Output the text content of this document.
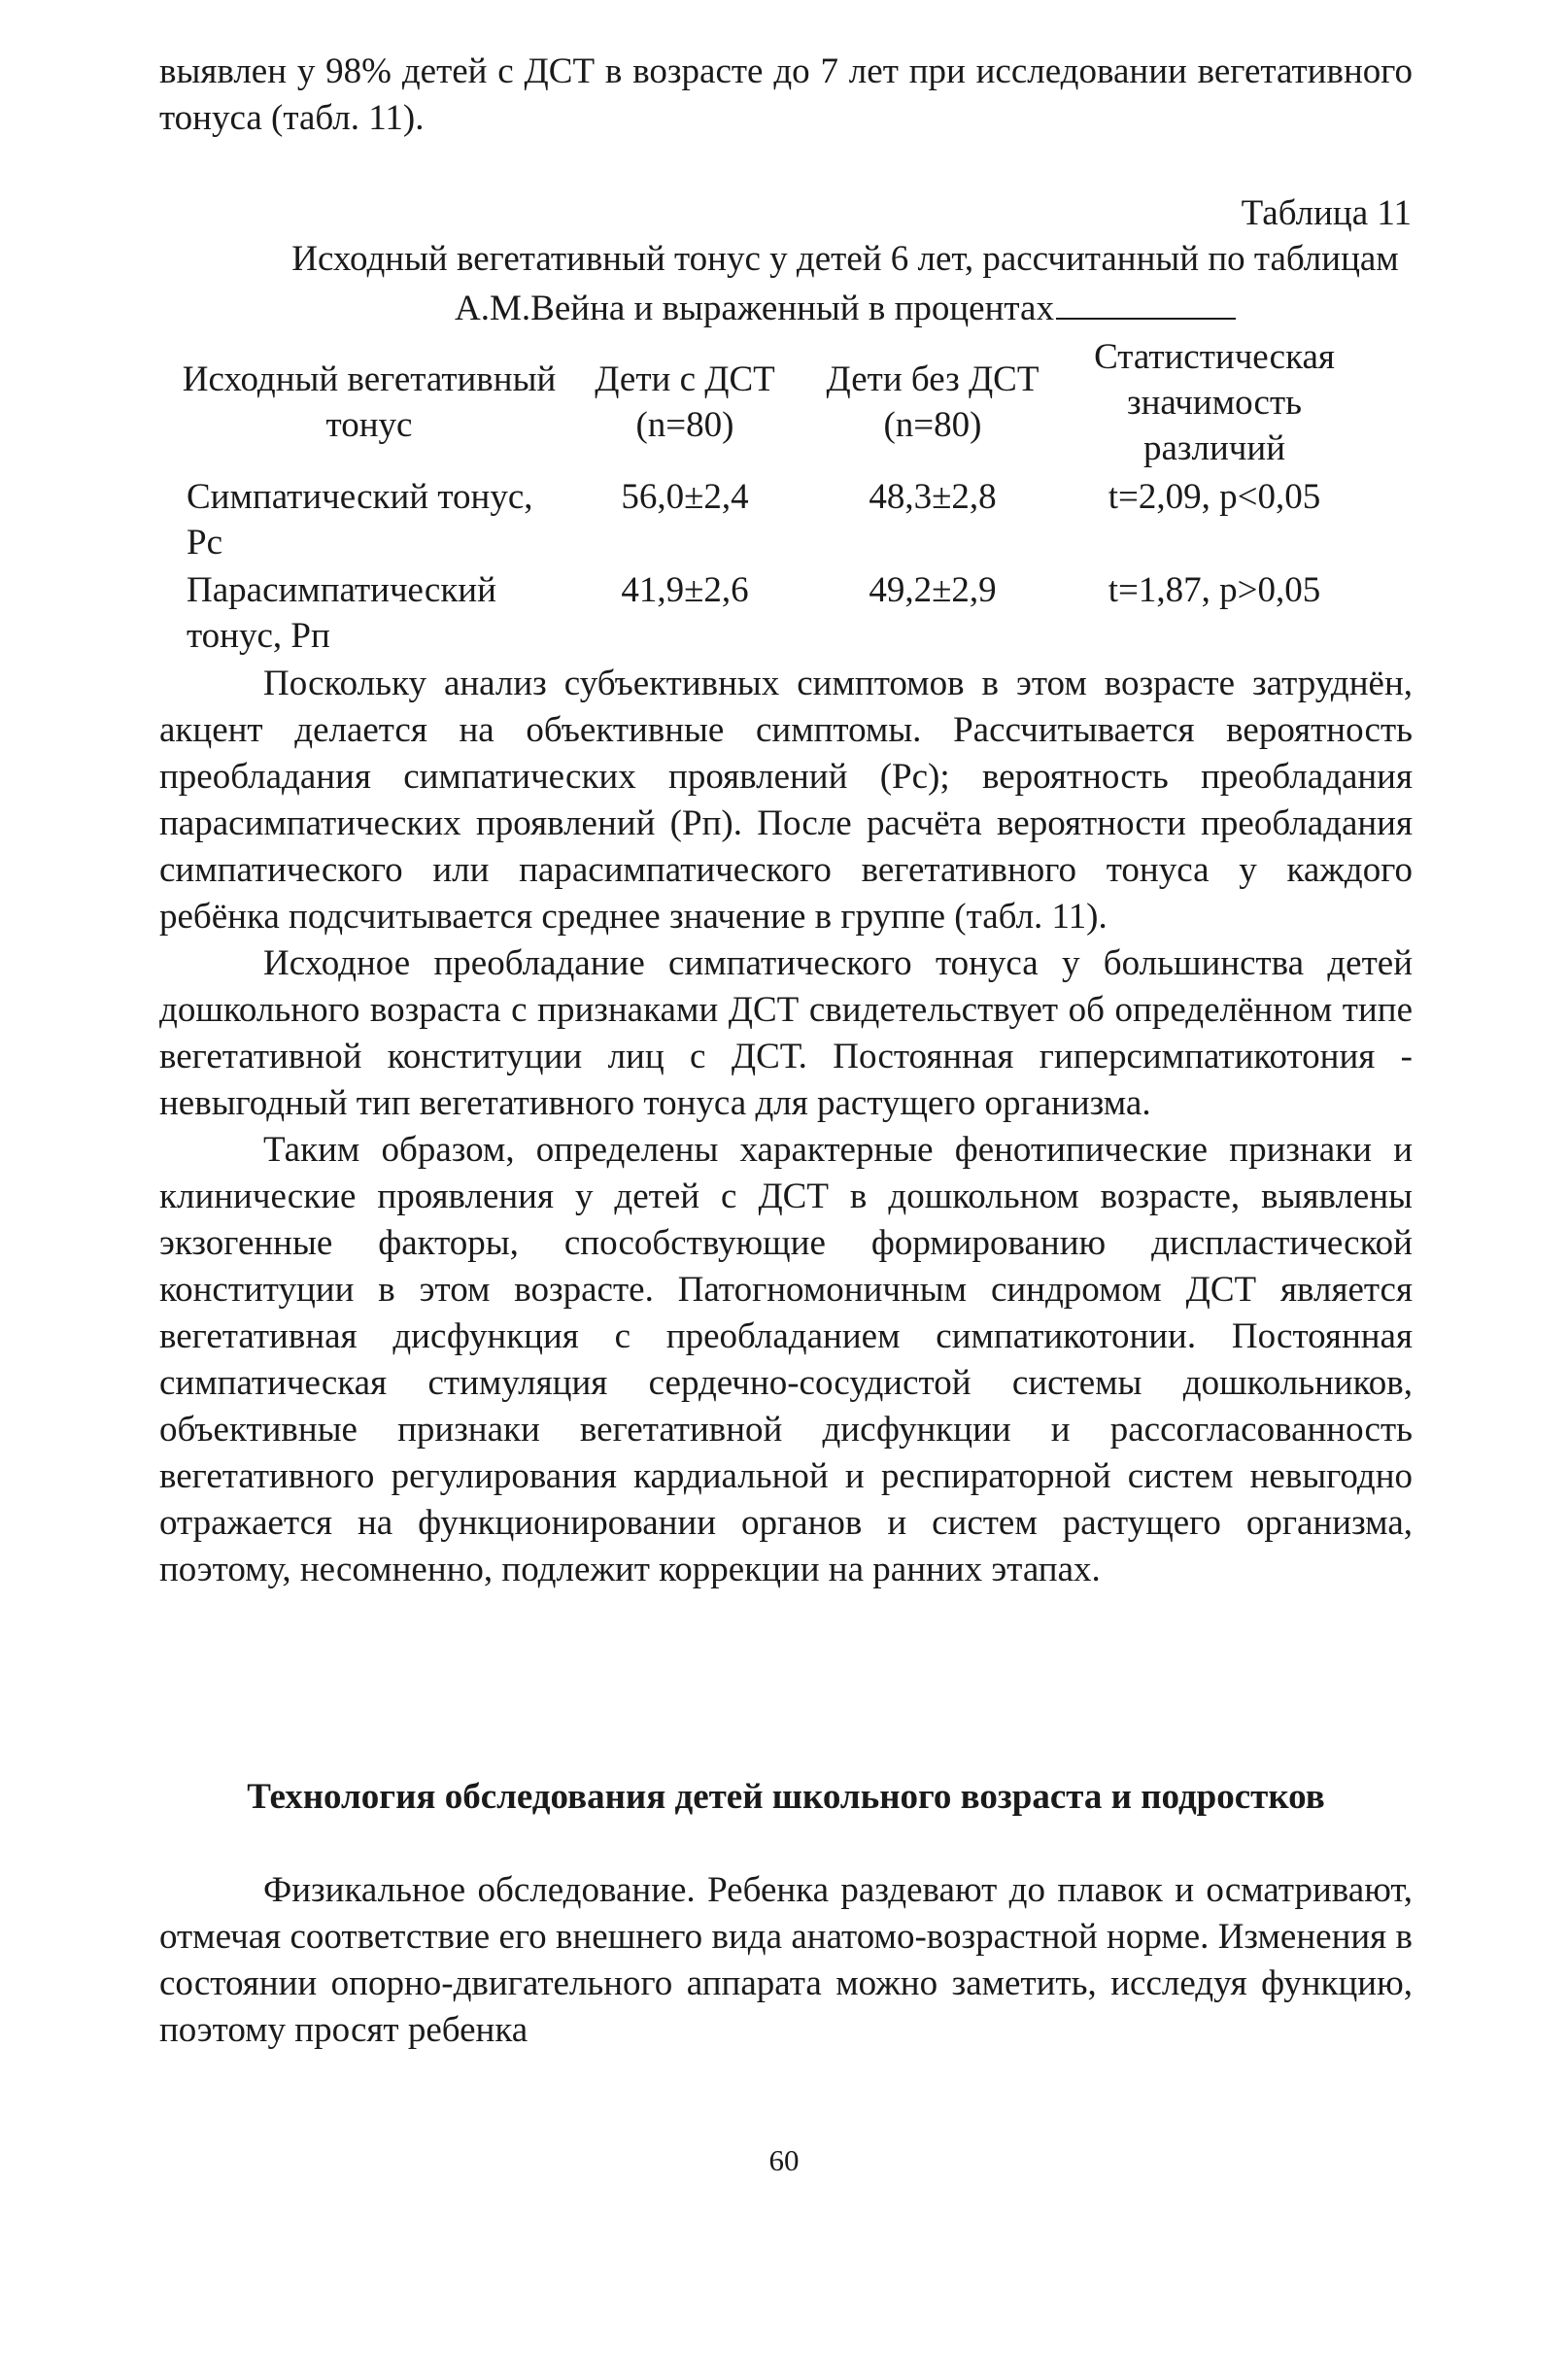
выявлен у 98% детей с ДСТ в возрасте до 7 лет при исследовании вегетативного тонуса (табл. 11).

Таблица 11
Исходный вегетативный тонус у детей 6 лет, рассчитанный по таблицам А.М.Вейна и выраженный в процентах
Исходный вегетативный тонус	Дети с ДСТ (n=80)	Дети без ДСТ (n=80)	Статистическая значимость различий
Симпатический тонус, Рс	56,0±2,4	48,3±2,8	t=2,09, p<0,05
Парасимпатический тонус, Рп	41,9±2,6	49,2±2,9	t=1,87, p>0,05

Поскольку анализ субъективных симптомов в этом возрасте затруднён, акцент делается на объективные симптомы. Рассчитывается вероятность преобладания симпатических проявлений (Рс); вероятность преобладания парасимпатических проявлений (Рп). После расчёта вероятности преобладания симпатического или парасимпатического вегетативного тонуса у каждого ребёнка подсчитывается среднее значение в группе (табл. 11).

Исходное преобладание симпатического тонуса у большинства детей дошкольного возраста с признаками ДСТ свидетельствует об определённом типе вегетативной конституции лиц с ДСТ. Постоянная гиперсимпатикотония - невыгодный тип вегетативного тонуса для растущего организма.

Таким образом, определены характерные фенотипические признаки и клинические проявления у детей с ДСТ в дошкольном возрасте, выявлены экзогенные факторы, способствующие формированию диспластической конституции в этом возрасте. Патогномоничным синдромом ДСТ является вегетативная дисфункция с преобладанием симпатикотонии. Постоянная симпатическая стимуляция сердечно-сосудистой системы дошкольников, объективные признаки вегетативной дисфункции и рассогласованность вегетативного регулирования кардиальной и респираторной систем невыгодно отражается на функционировании органов и систем растущего организма, поэтому, несомненно, подлежит коррекции на ранних этапах.

Технология обследования детей школьного возраста и подростков

Физикальное обследование. Ребенка раздевают до плавок и осматривают, отмечая соответствие его внешнего вида анатомо-возрастной норме. Изменения в состоянии опорно-двигательного аппарата можно заметить, исследуя функцию, поэтому просят ребенка

60
